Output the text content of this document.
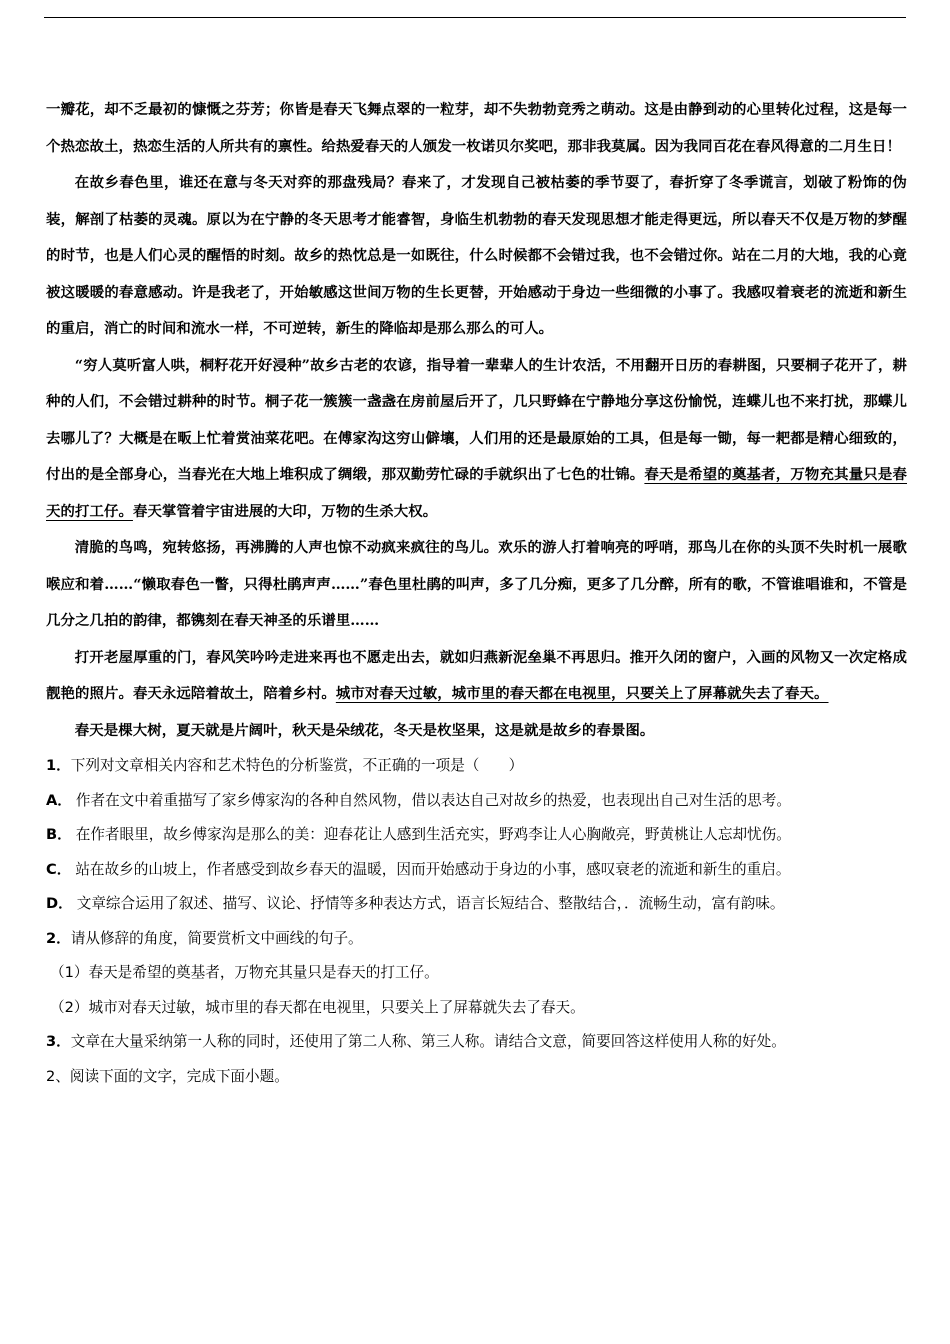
一瓣花，却不乏最初的慷慨之芬芳；你皆是春天飞舞点翠的一粒芽，却不失勃勃竞秀之萌动。这是由静到动的心里转化过程，这是每一个热恋故土，热恋生活的人所共有的禀性。给热爱春天的人颁发一枚诺贝尔奖吧，那非我莫属。因为我同百花在春风得意的二月生日！

在故乡春色里，谁还在意与冬天对弈的那盘残局？春来了，才发现自己被枯萎的季节耍了，春折穿了冬季谎言，划破了粉饰的伪装，解剖了枯萎的灵魂。原以为在宁静的冬天思考才能睿智，身临生机勃勃的春天发现思想才能走得更远，所以春天不仅是万物的梦醒的时节，也是人们心灵的醒悟的时刻。故乡的热忱总是一如既往，什么时候都不会错过我，也不会错过你。站在二月的大地，我的心竟被这暖暖的春意感动。许是我老了，开始敏感这世间万物的生长更替，开始感动于身边一些细微的小事了。我感叹着衰老的流逝和新生的重启，消亡的时间和流水一样，不可逆转，新生的降临却是那么那么的可人。

“穷人莫听富人哄，桐籽花开好浸种”故乡古老的农谚，指导着一辈辈人的生计农活，不用翻开日历的春耕图，只要桐子花开了，耕种的人们，不会错过耕种的时节。桐子花一簇簇一盏盏在房前屋后开了，几只野蜂在宁静地分享这份愉悦，连蝶儿也不来打扰，那蝶儿去哪儿了？大概是在畈上忙着赏油菜花吧。在傅家沟这穷山僻壤，人们用的还是最原始的工具，但是每一锄，每一耙都是精心细致的，付出的是全部身心，当春光在大地上堆积成了绸缎，那双勤劳忙碌的手就织出了七色的壮锦。春天是希望的奠基者，万物充其量只是春天的打工仔。春天掌管着宇宙进展的大印，万物的生杀大权。

清脆的鸟鸣，宛转悠扬，再沸腾的人声也惊不动疯来疯往的鸟儿。欢乐的游人打着响亮的呼哨，那鸟儿在你的头顶不失时机一展歌喉应和着……“懒取春色一瞥，只得杜鹃声声……”春色里杜鹃的叫声，多了几分痴，更多了几分醉，所有的歌，不管谁唱谁和，不管是几分之几拍的韵律，都镌刻在春天神圣的乐谱里……

打开老屋厚重的门，春风笑吟吟走进来再也不愿走出去，就如归燕新泥垒巢不再思归。推开久闭的窗户，入画的风物又一次定格成靓艳的照片。春天永远陪着故土，陪着乡村。城市对春天过敏，城市里的春天都在电视里，只要关上了屏幕就失去了春天。

春天是棵大树，夏天就是片阔叶，秋天是朵绒花，冬天是枚坚果，这是就是故乡的春景图。

1．下列对文章相关内容和艺术特色的分析鉴赏，不正确的一项是（　　）

A． 作者在文中着重描写了家乡傅家沟的各种自然风物，借以表达自己对故乡的热爱，也表现出自己对生活的思考。

B． 在作者眼里，故乡傅家沟是那么的美：迎春花让人感到生活充实，野鸡李让人心胸敞亮，野黄桃让人忘却忧伤。

C． 站在故乡的山坡上，作者感受到故乡春天的温暖，因而开始感动于身边的小事，感叹衰老的流逝和新生的重启。

D． 文章综合运用了叙述、描写、议论、抒情等多种表达方式，语言长短结合、整散结合，．流畅生动，富有韵味。

2．请从修辞的角度，简要赏析文中画线的句子。

（1）春天是希望的奠基者，万物充其量只是春天的打工仔。

（2）城市对春天过敏，城市里的春天都在电视里，只要关上了屏幕就失去了春天。

3．文章在大量采纳第一人称的同时，还使用了第二人称、第三人称。请结合文意，简要回答这样使用人称的好处。

2、阅读下面的文字，完成下面小题。
